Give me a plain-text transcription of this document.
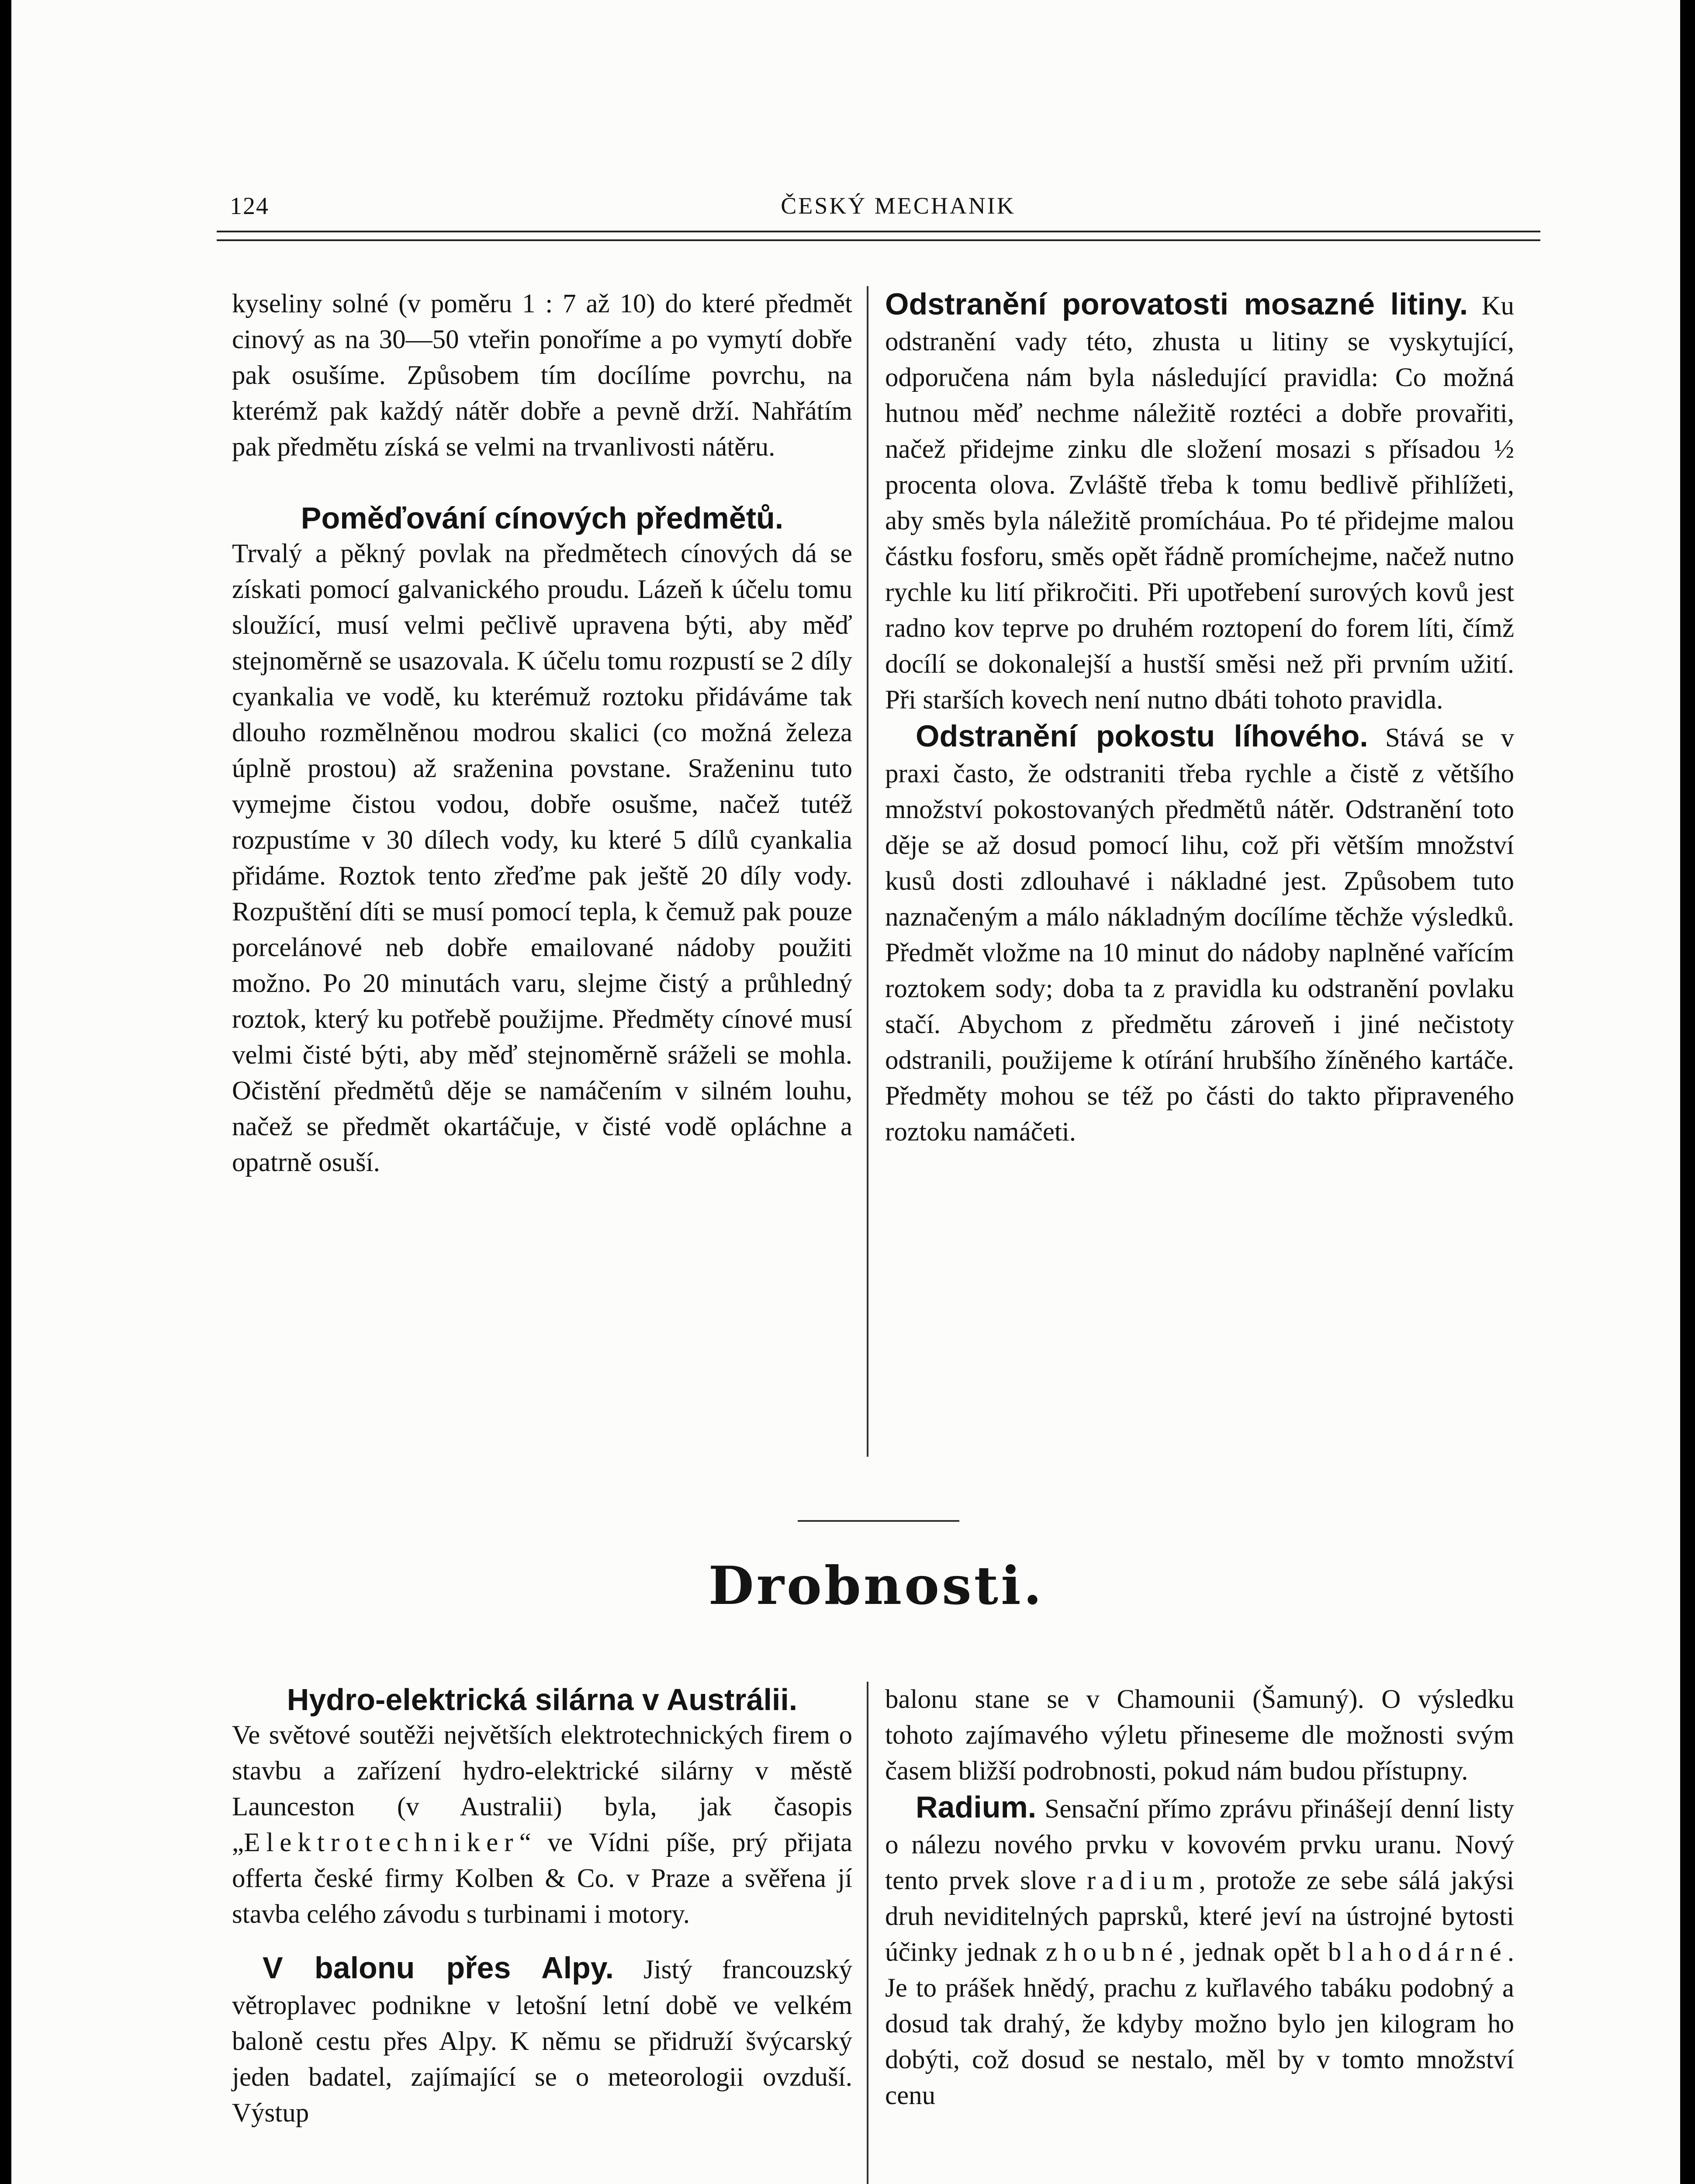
124	ČESKÝ MECHANIK

kyseliny solné (v poměru 1 : 7 až 10) do které předmět cinový as na 30—50 vteřin ponoříme a po vymytí dobře pak osušíme. Způsobem tím docílíme povrchu, na kterémž pak každý nátěr dobře a pevně drží. Nahřátím pak předmětu získá se velmi na trvanlivosti nátěru.

Poměďování cínových předmětů.

Trvalý a pěkný povlak na předmětech cínových dá se získati pomocí galvanického proudu. Lázeň k účelu tomu sloužící, musí velmi pečlivě upravena býti, aby měď stejnoměrně se usazovala. K účelu tomu rozpustí se 2 díly cyankalia ve vodě, ku kterémuž roztoku přidáváme tak dlouho rozmělněnou modrou skalici (co možná železa úplně prostou) až sraženina povstane. Sraženinu tuto vymejme čistou vodou, dobře osušme, načež tutéž rozpustíme v 30 dílech vody, ku které 5 dílů cyankalia přidáme. Roztok tento zřeďme pak ještě 20 díly vody. Rozpuštění díti se musí pomocí tepla, k čemuž pak pouze porcelánové neb dobře emailované nádoby použiti možno. Po 20 minutách varu, slejme čistý a průhledný roztok, který ku potřebě použijme. Předměty cínové musí velmi čisté býti, aby měď stejnoměrně sráželi se mohla. Očistění předmětů děje se namáčením v silném louhu, načež se předmět okartáčuje, v čisté vodě opláchne a opatrně osuší.

Odstranění porovatosti mosazné litiny. Ku odstranění vady této, zhusta u litiny se vyskytující, odporučena nám byla následující pravidla: Co možná hutnou měď nechme náležitě roztéci a dobře provařiti, načež přidejme zinku dle složení mosazi s přísadou ½ procenta olova. Zvláště třeba k tomu bedlivě přihlížeti, aby směs byla náležitě promícháua. Po té přidejme malou částku fosforu, směs opět řádně promíchejme, načež nutno rychle ku lití přikročiti. Při upotřebení surových kovů jest radno kov teprve po druhém roztopení do forem líti, čímž docílí se dokonalejší a hustší směsi než při prvním užití. Při starších kovech není nutno dbáti tohoto pravidla.

Odstranění pokostu líhového. Stává se v praxi často, že odstraniti třeba rychle a čistě z většího množství pokostovaných předmětů nátěr. Odstranění toto děje se až dosud pomocí lihu, což při větším množství kusů dosti zdlouhavé i nákladné jest. Způsobem tuto naznačeným a málo nákladným docílíme těchže výsledků. Předmět vložme na 10 minut do nádoby naplněné vařícím roztokem sody; doba ta z pravidla ku odstranění povlaku stačí. Abychom z předmětu zároveň i jiné nečistoty odstranili, použijeme k otírání hrubšího žíněného kartáče. Předměty mohou se též po části do takto připraveného roztoku namáčeti.

Drobnosti.

Hydro-elektrická silárna v Austrálii.

Ve světové soutěži největších elektrotechnických firem o stavbu a zařízení hydro-elektrické silárny v městě Launceston (v Australii) byla, jak časopis „Elektrotechniker“ ve Vídni píše, prý přijata offerta české firmy Kolben & Co. v Praze a svěřena jí stavba celého závodu s turbinami i motory.

V balonu přes Alpy. Jistý francouzský větroplavec podnikne v letošní letní době ve velkém baloně cestu přes Alpy. K němu se přidruží švýcarský jeden badatel, zajímající se o meteorologii ovzduší. Výstup

balonu stane se v Chamounii (Šamuný). O výsledku tohoto zajímavého výletu přineseme dle možnosti svým časem bližší podrobnosti, pokud nám budou přístupny.

Radium. Sensační přímo zprávu přinášejí denní listy o nálezu nového prvku v kovovém prvku uranu. Nový tento prvek slove radium, protože ze sebe sálá jakýsi druh neviditelných paprsků, které jeví na ústrojné bytosti účinky jednak zhoubné, jednak opět blahodárné. Je to prášek hnědý, prachu z kuřlavého tabáku podobný a dosud tak drahý, že kdyby možno bylo jen kilogram ho dobýti, což dosud se nestalo, měl by v tomto množství cenu
